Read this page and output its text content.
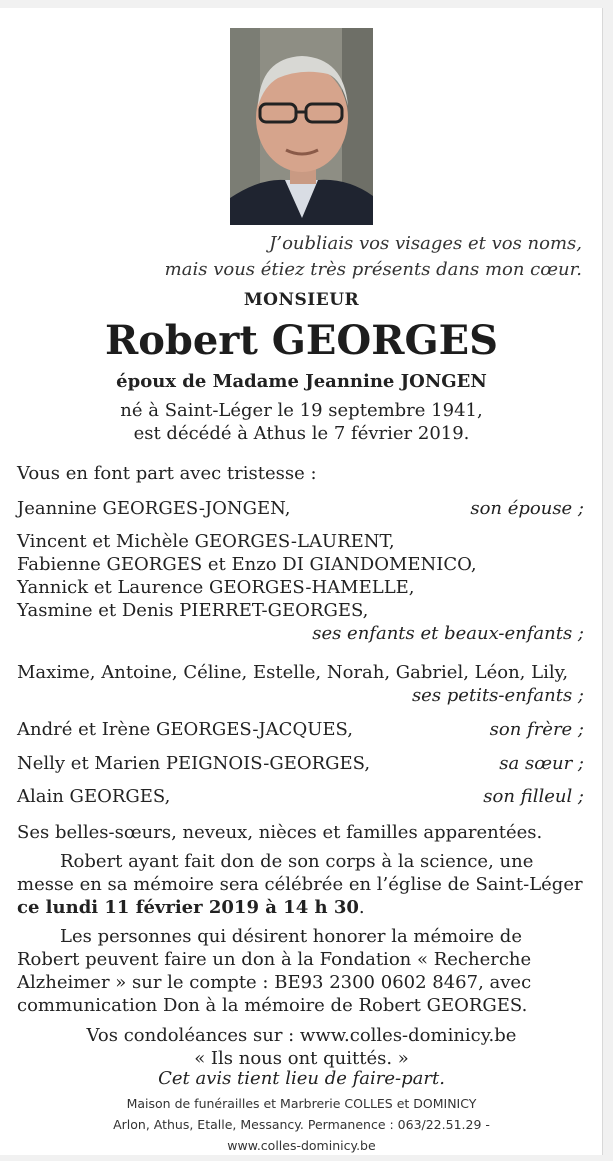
J’oubliais vos visages et vos noms,
mais vous étiez très présents dans mon cœur.
MONSIEUR
Robert GEORGES
époux de Madame Jeannine JONGEN
né à Saint-Léger le 19 septembre 1941,
est décédé à Athus le 7 février 2019.
Vous en font part avec tristesse :
Jeannine GEORGES-JONGEN,	son épouse ;
Vincent et Michèle GEORGES-LAURENT,
Fabienne GEORGES et Enzo DI GIANDOMENICO,
Yannick et Laurence GEORGES-HAMELLE,
Yasmine et Denis PIERRET-GEORGES,
ses enfants et beaux-enfants ;
Maxime, Antoine, Céline, Estelle, Norah, Gabriel, Léon, Lily,
ses petits-enfants ;
André et Irène GEORGES-JACQUES,	son frère ;
Nelly et Marien PEIGNOIS-GEORGES,	sa sœur ;
Alain GEORGES,	son filleul ;
Ses belles-sœurs, neveux, nièces et familles apparentées.
Robert ayant fait don de son corps à la science, une messe en sa mémoire sera célébrée en l’église de Saint-Léger ce lundi 11 février 2019 à 14 h 30.
Les personnes qui désirent honorer la mémoire de Robert peuvent faire un don à la Fondation « Recherche Alzheimer » sur le compte : BE93 2300 0602 8467, avec communication Don à la mémoire de Robert GEORGES.
Vos condoléances sur : www.colles-dominicy.be
« Ils nous ont quittés. »
Cet avis tient lieu de faire-part.
Maison de funérailles et Marbrerie COLLES et DOMINICY
Arlon, Athus, Etalle, Messancy. Permanence : 063/22.51.29 -
www.colles-dominicy.be
